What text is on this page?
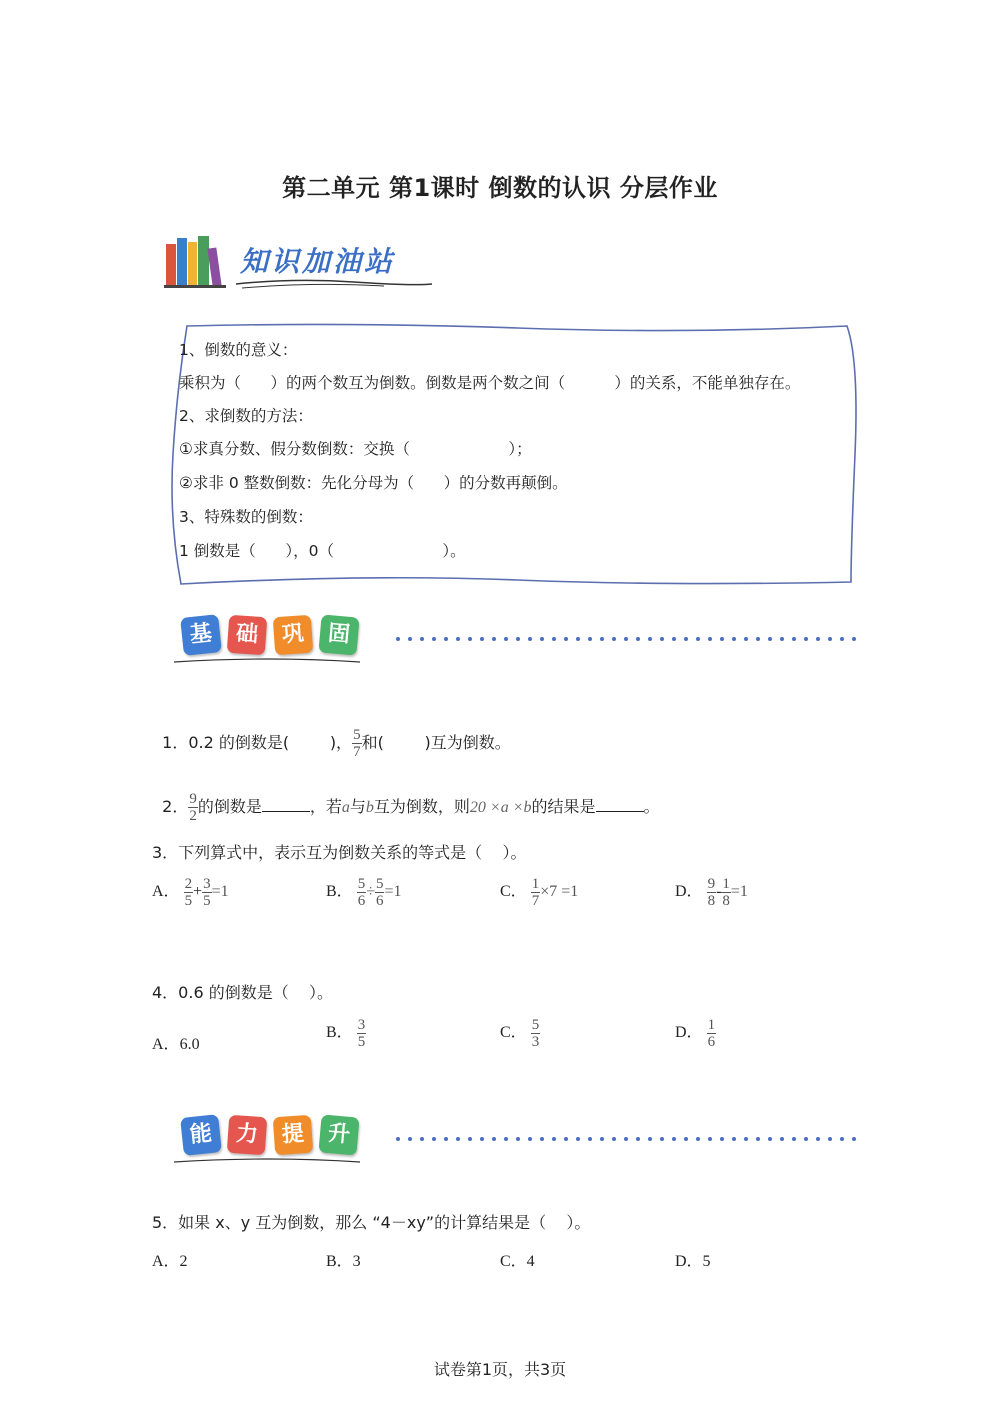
第二单元 第1课时 倒数的认识 分层作业
知识加油站
1、倒数的意义：
乘积为（      ）的两个数互为倒数。倒数是两个数之间（          ）的关系，不能单独存在。
2、求倒数的方法：
①求真分数、假分数倒数：交换（                    ）；
②求非 0 整数倒数：先化分母为（      ）的分数再颠倒。
3、特殊数的倒数：
1 倒数是（      ），0（                      ）。
基 础	巩	固

1．0.2 的倒数是(        )， $\frac{5}{7}$ 和(        )互为倒数。

2． $\frac{9}{2}$ 的倒数是	，若a与b互为倒数，则20 ×a ×b的结果是	。

3．下列算式中，表示互为倒数关系的等式是（    ）。
A． $\frac{2}{5} + \frac{3}{5} =1$	B． $\frac{5}{6} \div \frac{5}{6} =1$	C． $\frac{1}{7} \times 7 =1$	D． $\frac{9}{8} - \frac{1}{8} =1$
4．0.6 的倒数是（    ）。
A．6.0
B． $\frac{3}{5}$	C． $\frac{5}{3}$	D． $\frac{1}{6}$
能 力	提	升
5．如果 x、y 互为倒数，那么 “4－xy”的计算结果是（    ）。
A．2	B．3	C．4	D．5
试卷第1页，共3页
